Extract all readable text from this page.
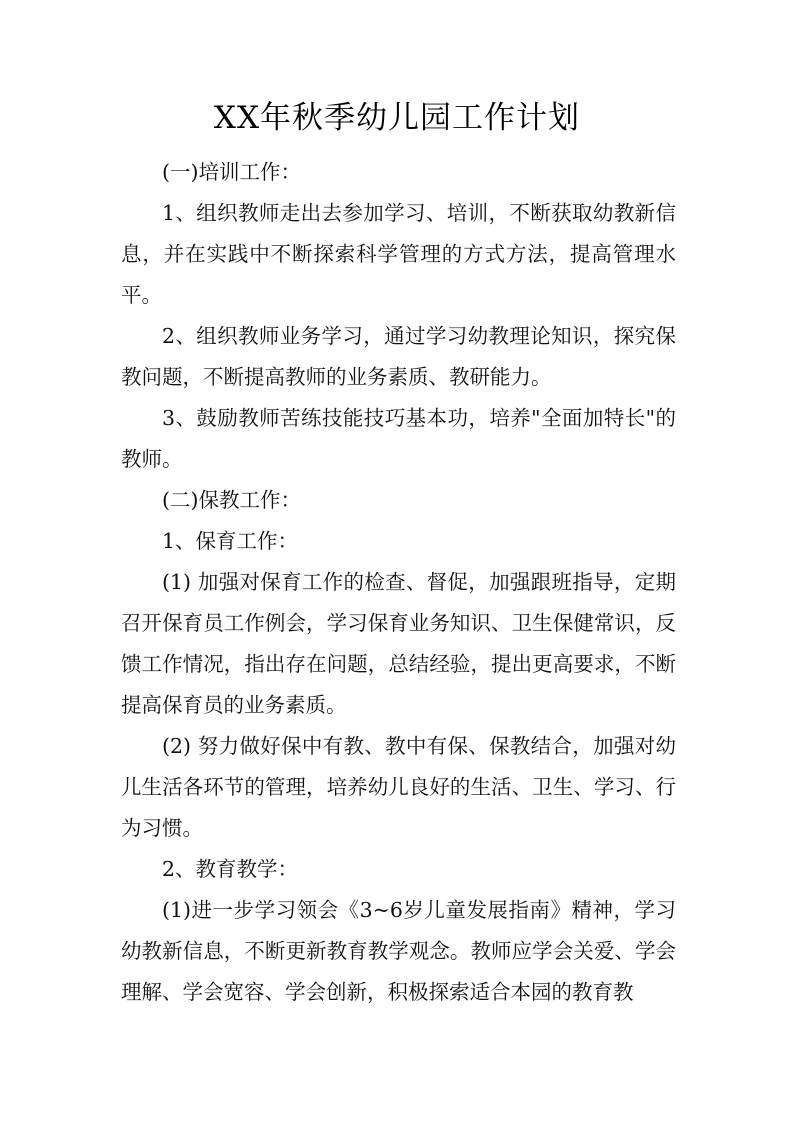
XX年秋季幼儿园工作计划

(一)培训工作：

1、组织教师走出去参加学习、培训，不断获取幼教新信息，并在实践中不断探索科学管理的方式方法，提高管理水平。

2、组织教师业务学习，通过学习幼教理论知识，探究保教问题，不断提高教师的业务素质、教研能力。

3、鼓励教师苦练技能技巧基本功，培养"全面加特长"的教师。

(二)保教工作：

1、保育工作：

(1) 加强对保育工作的检查、督促，加强跟班指导，定期召开保育员工作例会，学习保育业务知识、卫生保健常识，反馈工作情况，指出存在问题，总结经验，提出更高要求，不断提高保育员的业务素质。

(2) 努力做好保中有教、教中有保、保教结合，加强对幼儿生活各环节的管理，培养幼儿良好的生活、卫生、学习、行为习惯。

2、教育教学：

(1)进一步学习领会《3~6岁儿童发展指南》精神，学习幼教新信息，不断更新教育教学观念。教师应学会关爱、学会理解、学会宽容、学会创新，积极探索适合本园的教育教
